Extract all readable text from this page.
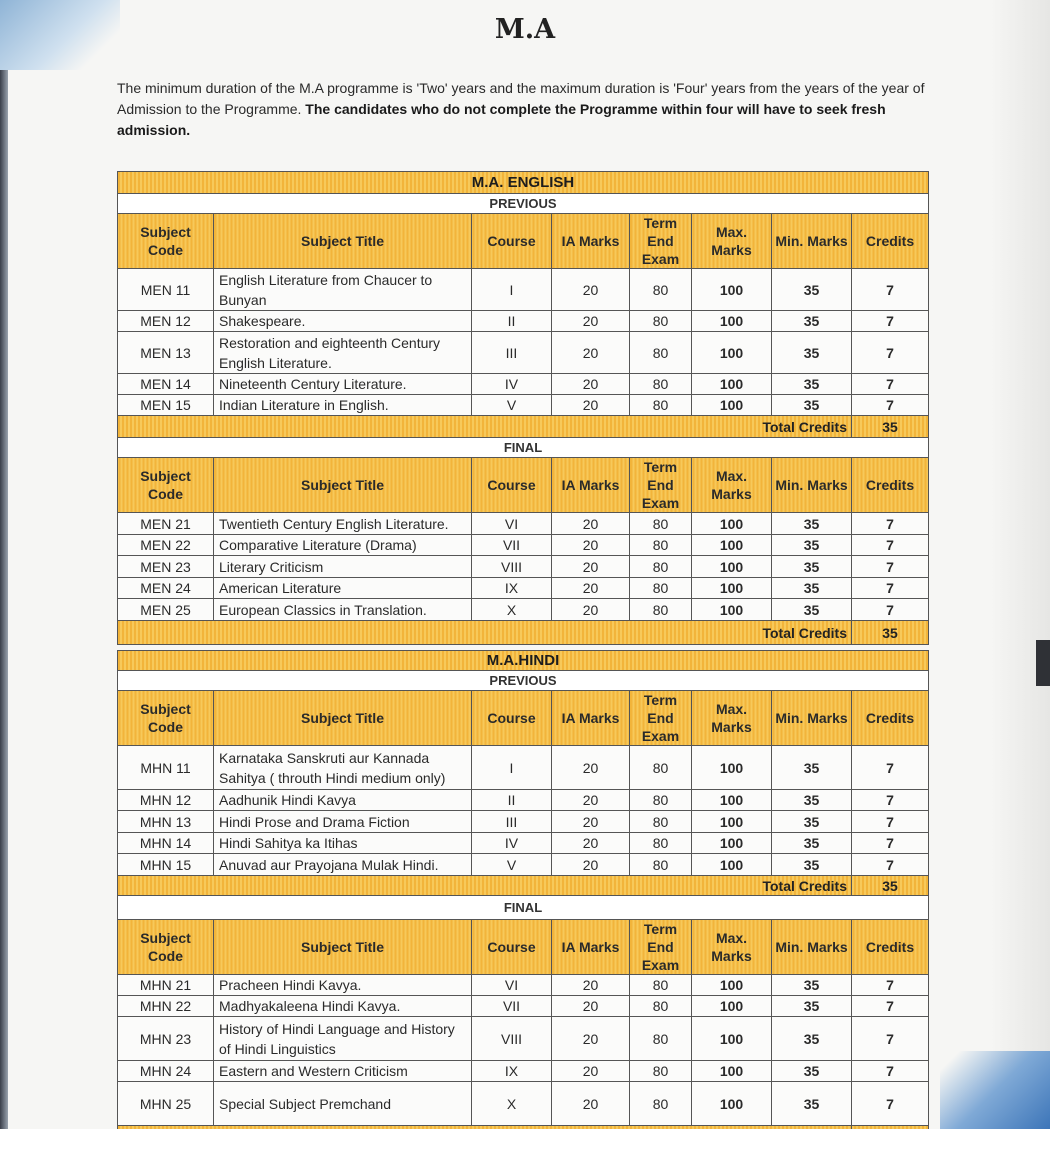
M.A
The minimum duration of the M.A programme is 'Two' years and the maximum duration is 'Four' years from the years of the year of Admission to the Programme. The candidates who do not complete the Programme within four will have to seek fresh admission.
M.A. ENGLISH							
PREVIOUS							
Subject Code	Subject Title	Course	IA Marks	Term End Exam	Max. Marks	Min. Marks	Credits
MEN 11	English Literature from Chaucer to Bunyan	I	20	80	100	35	7
MEN 12	Shakespeare.	II	20	80	100	35	7
MEN 13	Restoration and eighteenth Century English Literature.	III	20	80	100	35	7
MEN 14	Nineteenth Century Literature.	IV	20	80	100	35	7
MEN 15	Indian Literature in English.	V	20	80	100	35	7
Total Credits							35
FINAL							
Subject Code	Subject Title	Course	IA Marks	Term End Exam	Max. Marks	Min. Marks	Credits
MEN 21	Twentieth Century English Literature.	VI	20	80	100	35	7
MEN 22	Comparative Literature (Drama)	VII	20	80	100	35	7
MEN 23	Literary Criticism	VIII	20	80	100	35	7
MEN 24	American Literature	IX	20	80	100	35	7
MEN 25	European Classics in Translation.	X	20	80	100	35	7
Total Credits							35
M.A.HINDI							
PREVIOUS							
Subject Code	Subject Title	Course	IA Marks	Term End Exam	Max. Marks	Min. Marks	Credits
MHN 11	Karnataka Sanskruti aur Kannada Sahitya ( throuth Hindi medium only)	I	20	80	100	35	7
MHN 12	Aadhunik Hindi Kavya	II	20	80	100	35	7
MHN 13	Hindi Prose and Drama Fiction	III	20	80	100	35	7
MHN 14	Hindi Sahitya ka Itihas	IV	20	80	100	35	7
MHN 15	Anuvad aur Prayojana Mulak Hindi.	V	20	80	100	35	7
Total Credits							35
FINAL							
Subject Code	Subject Title	Course	IA Marks	Term End Exam	Max. Marks	Min. Marks	Credits
MHN 21	Pracheen Hindi Kavya.	VI	20	80	100	35	7
MHN 22	Madhyakaleena Hindi Kavya.	VII	20	80	100	35	7
MHN 23	History of Hindi Language and History of Hindi Linguistics	VIII	20	80	100	35	7
MHN 24	Eastern and Western Criticism	IX	20	80	100	35	7
MHN 25	Special Subject Premchand	X	20	80	100	35	7
